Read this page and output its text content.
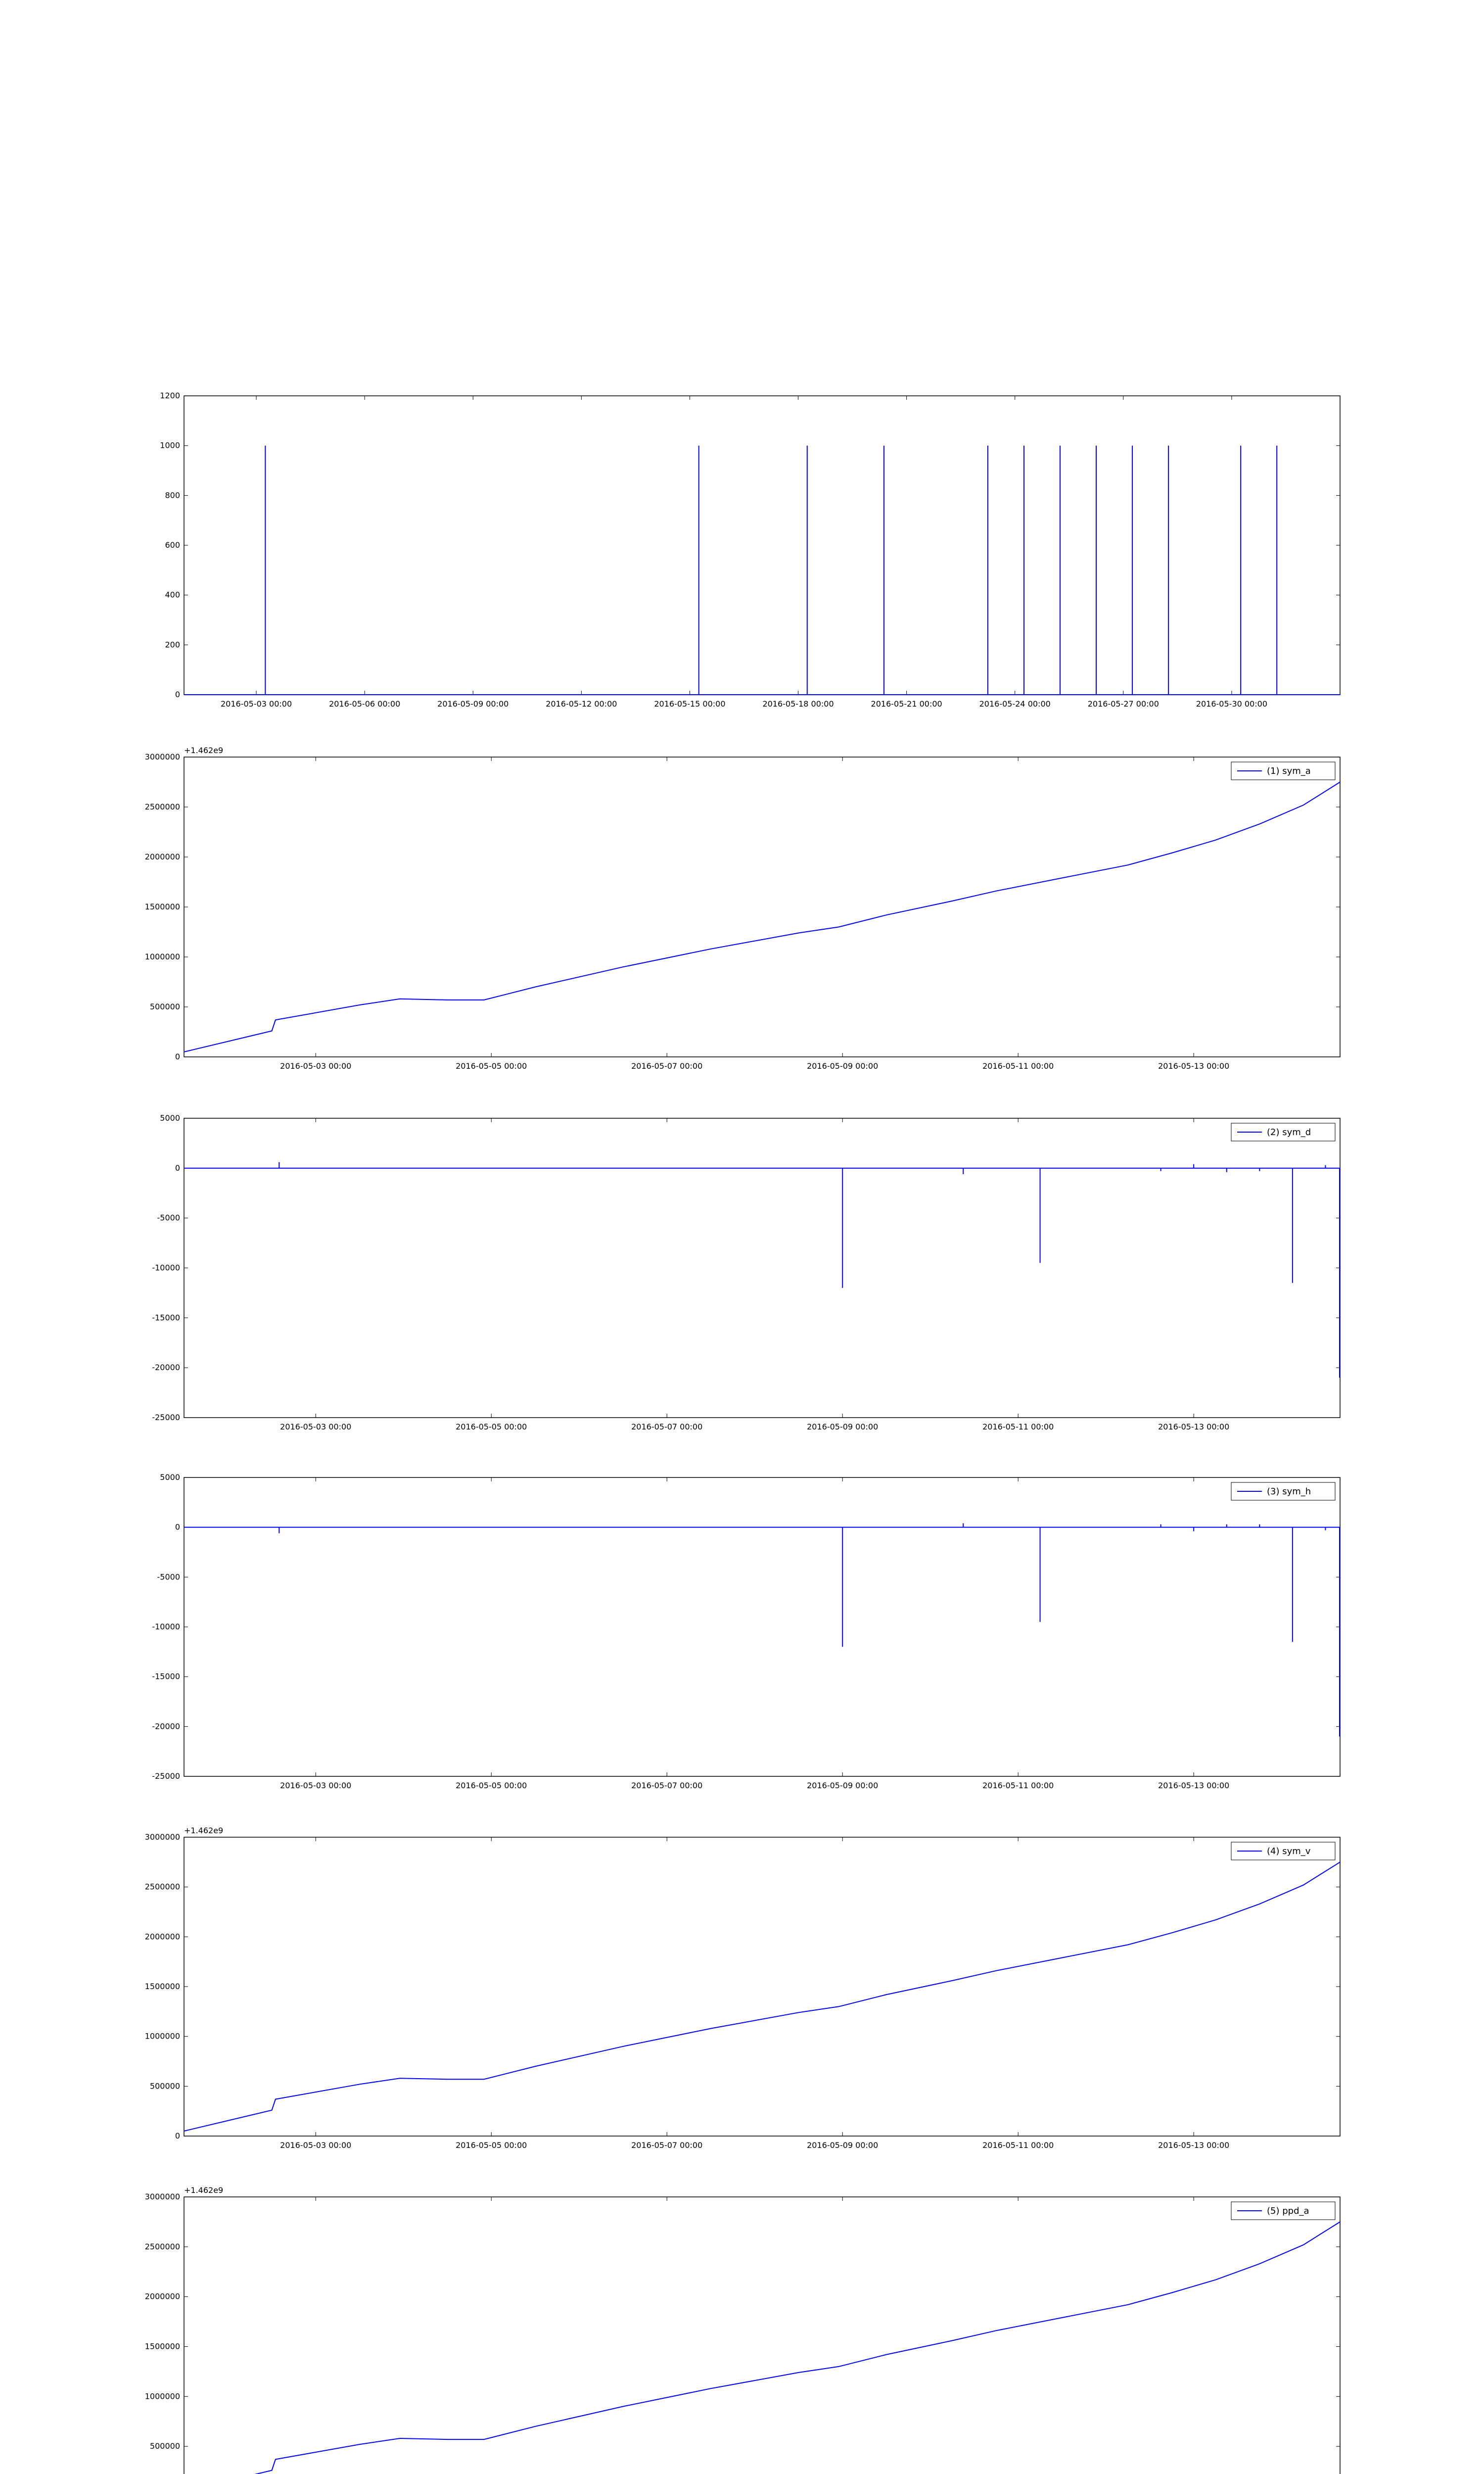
0
200
400
600
800
1000
1200
2016-05-03 00:00	2016-05-06 00:00	2016-05-09 00:00	2016-05-12 00:00	2016-05-15 00:00	2016-05-18 00:00	2016-05-21 00:00	2016-05-24 00:00	2016-05-27 00:00	2016-05-30 00:00
0
500000
1000000
1500000
2000000
2500000
3000000
2016-05-03 00:00	2016-05-05 00:00	2016-05-07 00:00	2016-05-09 00:00	2016-05-11 00:00	2016-05-13 00:00
+1.462e9
(1) sym_a
-25000
-20000
-15000
-10000
-5000
0
5000
2016-05-03 00:00	2016-05-05 00:00	2016-05-07 00:00	2016-05-09 00:00	2016-05-11 00:00	2016-05-13 00:00
(2) sym_d
-25000
-20000
-15000
-10000
-5000
0
5000
2016-05-03 00:00	2016-05-05 00:00	2016-05-07 00:00	2016-05-09 00:00	2016-05-11 00:00	2016-05-13 00:00
(3) sym_h
0
500000
1000000
1500000
2000000
2500000
3000000
2016-05-03 00:00	2016-05-05 00:00	2016-05-07 00:00	2016-05-09 00:00	2016-05-11 00:00	2016-05-13 00:00
+1.462e9
(4) sym_v
500000
1000000
1500000
2000000
2500000
3000000
+1.462e9
(5) ppd_a
